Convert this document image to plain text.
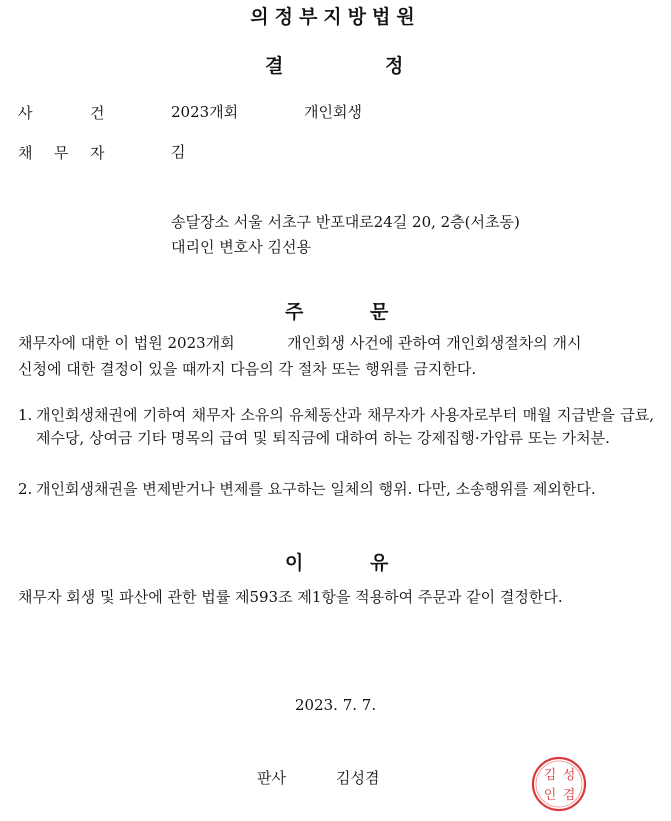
의정부지방법원
결	정
사	건	2023개회	개인회생
채 무 자	김
송달장소 서울 서초구 반포대로24길 20, 2층(서초동)
대리인 변호사 김선용
주	문
채무자에 대한 이 법원 2023개회           개인회생 사건에 관하여 개인회생절차의 개시
신청에 대한 결정이 있을 때까지 다음의 각 절차 또는 행위를 금지한다.
1. 개인회생채권에 기하여 채무자 소유의 유체동산과 채무자가 사용자로부터 매월 지급받을 급료, 제수당, 상여금 기타 명목의 급여 및 퇴직금에 대하여 하는 강제집행·가압류 또는 가처분.
2. 개인회생채권을 변제받거나 변제를 요구하는 일체의 행위. 다만, 소송행위를 제외한다.
이	유
채무자 회생 및 파산에 관한 법률 제593조 제1항을 적용하여 주문과 같이 결정한다.
2023. 7. 7.
판사	김성겸	김 성
인 겸
